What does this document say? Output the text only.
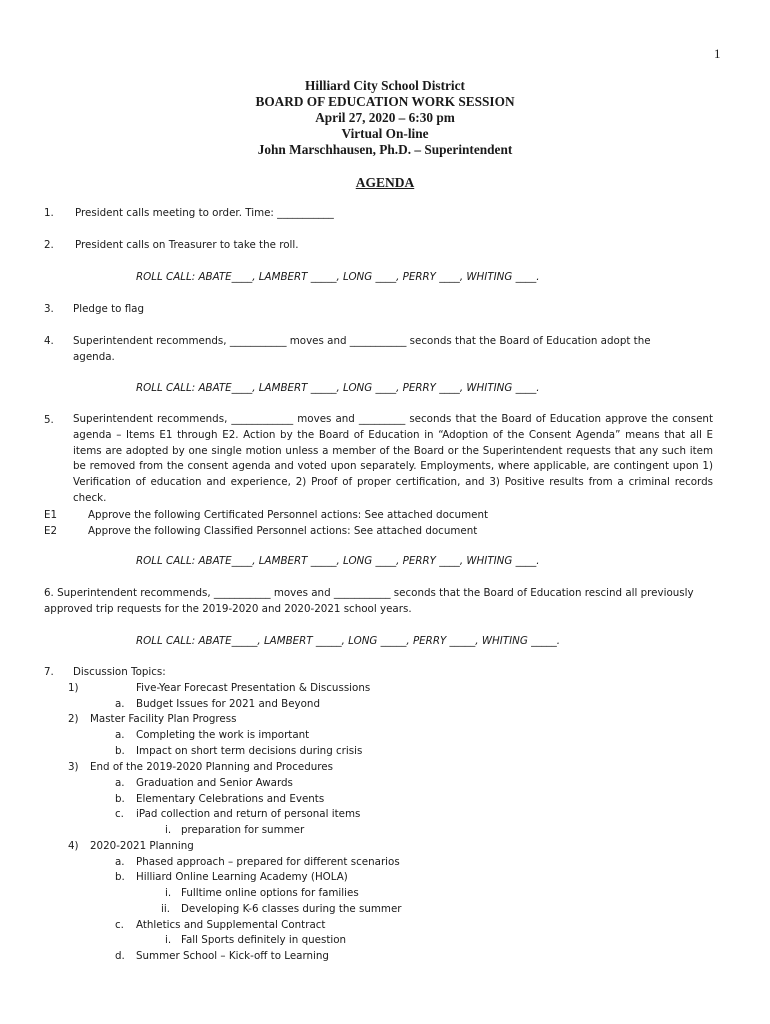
1
Hilliard City School District
BOARD OF EDUCATION WORK SESSION
April 27, 2020 – 6:30 pm
Virtual On-line
John Marschhausen, Ph.D. – Superintendent
AGENDA
1. President calls meeting to order. Time: ___________
2. President calls on Treasurer to take the roll.
ROLL CALL: ABATE____, LAMBERT _____, LONG ____, PERRY ____, WHITING ____.
3. Pledge to flag
4. Superintendent recommends, ___________ moves and ___________ seconds that the Board of Education adopt the
agenda.
ROLL CALL: ABATE____, LAMBERT _____, LONG ____, PERRY ____, WHITING ____.
5. Superintendent recommends, ____________ moves and _________ seconds that the Board of Education approve the consent agenda – Items E1 through E2. Action by the Board of Education in “Adoption of the Consent Agenda” means that all E items are adopted by one single motion unless a member of the Board or the Superintendent requests that any such item be removed from the consent agenda and voted upon separately. Employments, where applicable, are contingent upon 1) Verification of education and experience, 2) Proof of proper certification, and 3) Positive results from a criminal records check.
E1	Approve the following Certificated Personnel actions: See attached document
E2	Approve the following Classified Personnel actions: See attached document
ROLL CALL: ABATE____, LAMBERT _____, LONG ____, PERRY ____, WHITING ____.
6. Superintendent recommends, ___________ moves and ___________ seconds that the Board of Education rescind all previously
approved trip requests for the 2019-2020 and 2020-2021 school years.
ROLL CALL: ABATE_____, LAMBERT _____, LONG _____, PERRY _____, WHITING _____.
7. Discussion Topics:
1)	Five-Year Forecast Presentation & Discussions
a. Budget Issues for 2021 and Beyond
2) Master Facility Plan Progress
a. Completing the work is important
b. Impact on short term decisions during crisis
3) End of the 2019-2020 Planning and Procedures
a. Graduation and Senior Awards
b. Elementary Celebrations and Events
c. iPad collection and return of personal items
i. preparation for summer
4) 2020-2021 Planning
a. Phased approach – prepared for different scenarios
b. Hilliard Online Learning Academy (HOLA)
i. Fulltime online options for families
ii. Developing K-6 classes during the summer
c. Athletics and Supplemental Contract
i. Fall Sports definitely in question
d. Summer School – Kick-off to Learning
